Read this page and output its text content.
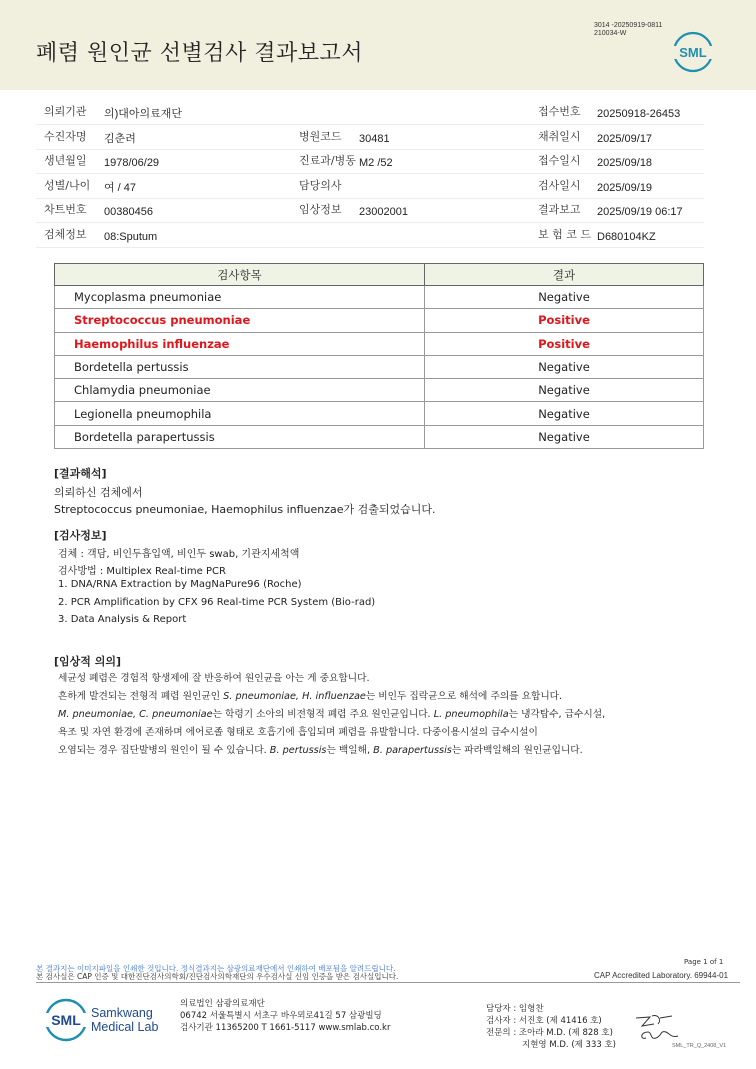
폐렴 원인균 선별검사 결과보고서
3014 -20250919-0811
210034-W
SML
의뢰기관 의)대아의료재단	접수번호 20250918-26453
수진자명 김춘려	병원코드 30481	채취일시 2025/09/17
생년월일 1978/06/29	진료과/병동 M2 /52	접수일시 2025/09/18
성별/나이 여 / 47	담당의사	검사일시 2025/09/19
차트번호 00380456	임상정보 23002001	결과보고 2025/09/19 06:17
검체정보 08:Sputum	보 험 코 드 D680104KZ
검사항목	결과
Mycoplasma pneumoniae	Negative
Streptococcus pneumoniae	Positive
Haemophilus influenzae	Positive
Bordetella pertussis	Negative
Chlamydia pneumoniae	Negative
Legionella pneumophila	Negative
Bordetella parapertussis	Negative
[결과해석]
의뢰하신 검체에서
Streptococcus pneumoniae, Haemophilus influenzae가 검출되었습니다.
[검사정보]
검체 : 객담, 비인두흡입액, 비인두 swab, 기관지세척액
검사방법 : Multiplex Real-time PCR
1. DNA/RNA Extraction by MagNaPure96 (Roche)
2. PCR Amplification by CFX 96 Real-time PCR System (Bio-rad)
3. Data Analysis & Report
[임상적 의의]
세균성 폐렴은 경험적 항생제에 잘 반응하여 원인균을 아는 게 중요합니다.
흔하게 발견되는 전형적 폐렴 원인균인 S. pneumoniae, H. influenzae는 비인두 집락균으로 해석에 주의를 요합니다.
M. pneumoniae, C. pneumoniae는 학령기 소아의 비전형적 폐렴 주요 원인균입니다. L. pneumophila는 냉각탑수, 급수시설,
욕조 및 자연 환경에 존재하며 에어로졸 형태로 호흡기에 흡입되며 폐렴을 유발합니다. 다중이용시설의 급수시설이
오염되는 경우 집단발병의 원인이 될 수 있습니다. B. pertussis는 백일해, B. parapertussis는 파라백일해의 원인균입니다.
Page 1 of 1
본 결과지는 이미지파일을 인쇄한 것입니다. 정식결과지는 삼광의료재단에서 인쇄하여 배포됨을 알려드립니다.
본 검사실은 CAP 인증 및 대한진단검사의학회/진단검사의학재단의 우수검사실 신임 인증을 받은 검사실입니다.	CAP Accredited Laboratory. 69944-01
SML Samkwang
Medical Lab
의료법인 삼광의료재단
06742 서울특별시 서초구 바우뫼로41길 57 삼광빌딩
검사기관 11365200 T 1661-5117 www.smlab.co.kr
담당자 : 임형찬
검사자 : 서진호 (제 41416 호)
전문의 : 조아라 M.D. (제 828 호)
지현영 M.D. (제 333 호)	SML_TR_Q_2408_V1
